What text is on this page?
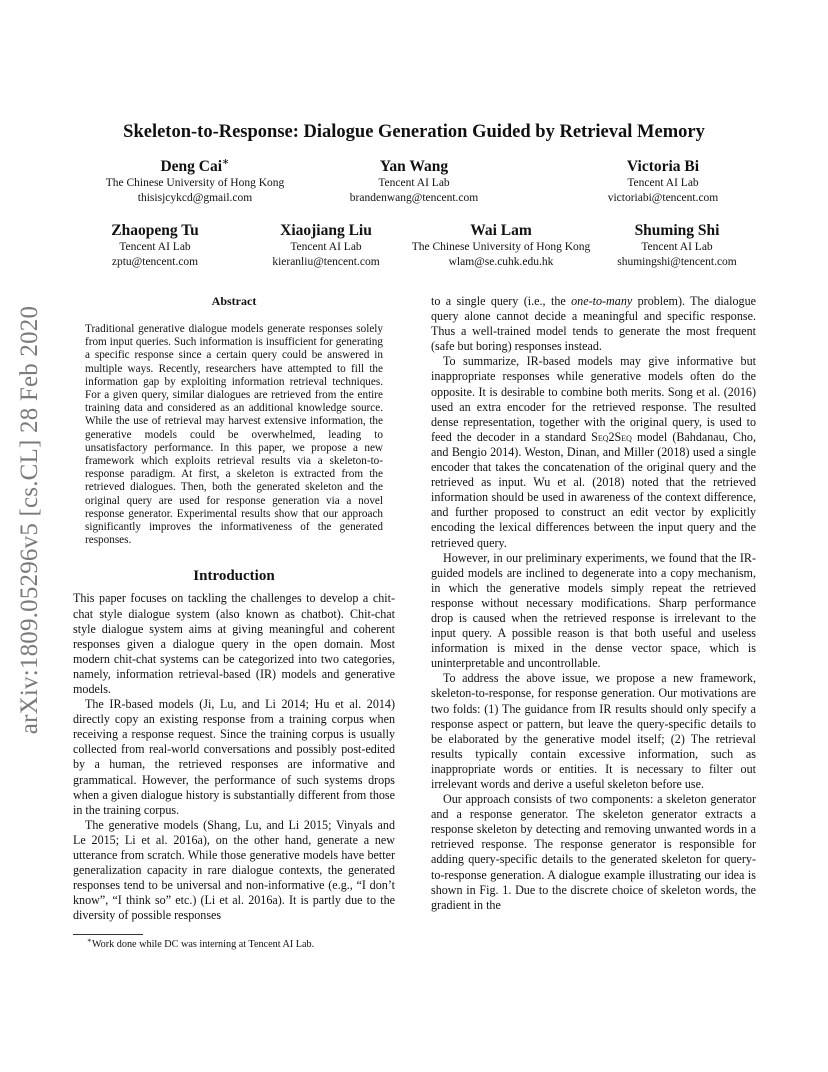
arXiv:1809.05296v5 [cs.CL] 28 Feb 2020
Skeleton-to-Response: Dialogue Generation Guided by Retrieval Memory
Deng Cai∗
The Chinese University of Hong Kong
thisisjcykcd@gmail.com
Yan Wang
Tencent AI Lab
brandenwang@tencent.com
Victoria Bi
Tencent AI Lab
victoriabi@tencent.com
Zhaopeng Tu
Tencent AI Lab
zptu@tencent.com
Xiaojiang Liu
Tencent AI Lab
kieranliu@tencent.com
Wai Lam
The Chinese University of Hong Kong
wlam@se.cuhk.edu.hk
Shuming Shi
Tencent AI Lab
shumingshi@tencent.com
Abstract

Traditional generative dialogue models generate responses solely from input queries. Such information is insufficient for generating a specific response since a certain query could be answered in multiple ways. Recently, researchers have attempted to fill the information gap by exploiting information retrieval techniques. For a given query, similar dialogues are retrieved from the entire training data and considered as an additional knowledge source. While the use of retrieval may harvest extensive information, the generative models could be overwhelmed, leading to unsatisfactory performance. In this paper, we propose a new framework which exploits retrieval results via a skeleton-to-response paradigm. At first, a skeleton is extracted from the retrieved dialogues. Then, both the generated skeleton and the original query are used for response generation via a novel response generator. Experimental results show that our approach significantly improves the informativeness of the generated responses.

Introduction

This paper focuses on tackling the challenges to develop a chit-chat style dialogue system (also known as chatbot). Chit-chat style dialogue system aims at giving meaningful and coherent responses given a dialogue query in the open domain. Most modern chit-chat systems can be categorized into two categories, namely, information retrieval-based (IR) models and generative models.

The IR-based models (Ji, Lu, and Li 2014; Hu et al. 2014) directly copy an existing response from a training corpus when receiving a response request. Since the training corpus is usually collected from real-world conversations and possibly post-edited by a human, the retrieved responses are informative and grammatical. However, the performance of such systems drops when a given dialogue history is substantially different from those in the training corpus.

The generative models (Shang, Lu, and Li 2015; Vinyals and Le 2015; Li et al. 2016a), on the other hand, generate a new utterance from scratch. While those generative models have better generalization capacity in rare dialogue contexts, the generated responses tend to be universal and non-informative (e.g., “I don’t know”, “I think so” etc.) (Li et al. 2016a). It is partly due to the diversity of possible responses

∗Work done while DC was interning at Tencent AI Lab.

to a single query (i.e., the one-to-many problem). The dialogue query alone cannot decide a meaningful and specific response. Thus a well-trained model tends to generate the most frequent (safe but boring) responses instead.

To summarize, IR-based models may give informative but inappropriate responses while generative models often do the opposite. It is desirable to combine both merits. Song et al. (2016) used an extra encoder for the retrieved response. The resulted dense representation, together with the original query, is used to feed the decoder in a standard Seq2Seq model (Bahdanau, Cho, and Bengio 2014). Weston, Dinan, and Miller (2018) used a single encoder that takes the concatenation of the original query and the retrieved as input. Wu et al. (2018) noted that the retrieved information should be used in awareness of the context difference, and further proposed to construct an edit vector by explicitly encoding the lexical differences between the input query and the retrieved query.

However, in our preliminary experiments, we found that the IR-guided models are inclined to degenerate into a copy mechanism, in which the generative models simply repeat the retrieved response without necessary modifications. Sharp performance drop is caused when the retrieved response is irrelevant to the input query. A possible reason is that both useful and useless information is mixed in the dense vector space, which is uninterpretable and uncontrollable.

To address the above issue, we propose a new framework, skeleton-to-response, for response generation. Our motivations are two folds: (1) The guidance from IR results should only specify a response aspect or pattern, but leave the query-specific details to be elaborated by the generative model itself; (2) The retrieval results typically contain excessive information, such as inappropriate words or entities. It is necessary to filter out irrelevant words and derive a useful skeleton before use.

Our approach consists of two components: a skeleton generator and a response generator. The skeleton generator extracts a response skeleton by detecting and removing unwanted words in a retrieved response. The response generator is responsible for adding query-specific details to the generated skeleton for query-to-response generation. A dialogue example illustrating our idea is shown in Fig. 1. Due to the discrete choice of skeleton words, the gradient in the
